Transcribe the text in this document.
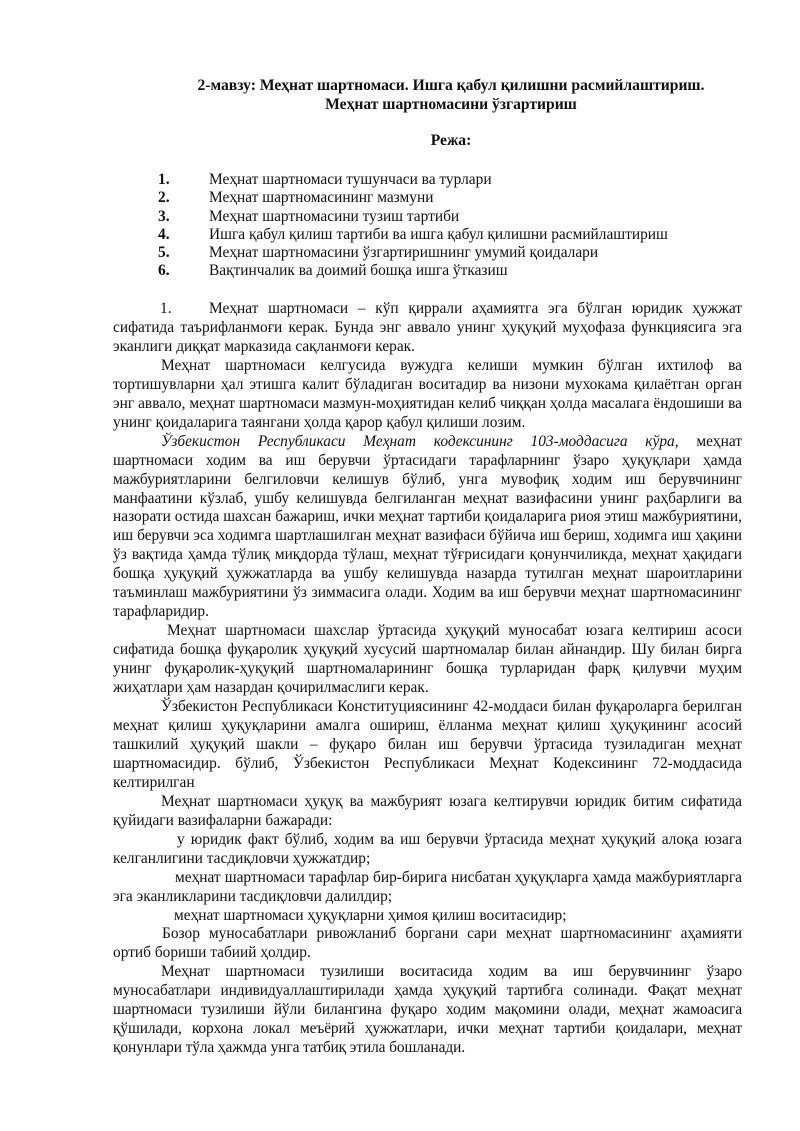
2-мавзу: Меҳнат шартномаси. Ишга қабул қилишни расмийлаштириш.
Меҳнат шартномасини ўзгартириш
Режа:
1.	Меҳнат шартномаси тушунчаси ва турлари
2.	Меҳнат шартномасининг мазмуни
3.	Меҳнат шартномасини тузиш тартиби
4.	Ишга қабул қилиш тартиби ва ишга қабул қилишни расмийлаштириш
5.	Меҳнат шартномасини ўзгартиришнинг умумий қоидалари
6.	Вақтинчалик ва доимий бошқа ишга ўтказиш

1. Меҳнат шартномаси – кўп қиррали аҳамиятга эга бўлган юридик ҳужжат сифатида таърифланмоғи керак. Бунда энг аввало унинг ҳуқуқий муҳофаза функциясига эга эканлиги диққат марказида сақланмоғи керак.

Меҳнат шартномаси келгусида вужудга келиши мумкин бўлган ихтилоф ва тортишувларни ҳал этишга калит бўладиган воситадир ва низони мухокама қилаётган орган энг аввало, меҳнат шартномаси мазмун-моҳиятидан келиб чиққан ҳолда масалага ёндошиши ва унинг қоидаларига таянгани ҳолда қарор қабул қилиши лозим.

Ўзбекистон Республикаси Меҳнат кодексининг 103-моддасига кўра, меҳнат шартномаси ходим ва иш берувчи ўртасидаги тарафларнинг ўзаро ҳуқуқлари ҳамда мажбуриятларини белгиловчи келишув бўлиб, унга мувофиқ ходим иш берувчининг манфаатини кўзлаб, ушбу келишувда белгиланган меҳнат вазифасини унинг раҳбарлиги ва назорати остида шахсан бажариш, ички меҳнат тартиби қоидаларига риоя этиш мажбуриятини, иш берувчи эса ходимга шартлашилган меҳнат вазифаси бўйича иш бериш, ходимга иш ҳақини ўз вақтида ҳамда тўлиқ миқдорда тўлаш, меҳнат тўғрисидаги қонунчиликда, меҳнат ҳақидаги бошқа ҳуқуқий ҳужжатларда ва ушбу келишувда назарда тутилган меҳнат шароитларини таъминлаш мажбуриятини ўз зиммасига олади. Ходим ва иш берувчи меҳнат шартномасининг тарафларидир.

Меҳнат шартномаси шахслар ўртасида ҳуқуқий муносабат юзага келтириш асоси сифатида бошқа фуқаролик ҳуқуқий хусусий шартномалар билан айнандир. Шу билан бирга унинг фуқаролик-ҳуқуқий шартномаларининг бошқа турларидан фарқ қилувчи муҳим жиҳатлари ҳам назардан қочирилмаслиги керак.

Ўзбекистон Республикаси Конституциясининг 42-моддаси билан фуқароларга берилган меҳнат қилиш ҳуқуқларини амалга ошириш, ёлланма меҳнат қилиш ҳуқуқининг асосий ташкилий ҳуқуқий шакли – фуқаро билан иш берувчи ўртасида тузиладиган меҳнат шартномасидир. бўлиб, Ўзбекистон Республикаси Меҳнат Кодексининг 72-моддасида келтирилган

Меҳнат шартномаси ҳуқуқ ва мажбурият юзага келтирувчи юридик битим сифатида қуйидаги вазифаларни бажаради:

у юридик факт бўлиб, ходим ва иш берувчи ўртасида меҳнат ҳуқуқий алоқа юзага келганлигини тасдиқловчи ҳужжатдир;

меҳнат шартномаси тарафлар бир-бирига нисбатан ҳуқуқларга ҳамда мажбуриятларга эга эканликларини тасдиқловчи далилдир;

меҳнат шартномаси ҳуқуқларни ҳимоя қилиш воситасидир;

Бозор муносабатлари ривожланиб боргани сари меҳнат шартномасининг аҳамияти ортиб бориши табиий ҳолдир.

Меҳнат шартномаси тузилиши воситасида ходим ва иш берувчининг ўзаро муносабатлари индивидуаллаштирилади ҳамда ҳуқуқий тартибга солинади. Фақат меҳнат шартномаси тузилиши йўли билангина фуқаро ходим мақомини олади, меҳнат жамоасига қўшилади, корхона локал меъёрий ҳужжатлари, ички меҳнат тартиби қоидалари, меҳнат қонунлари тўла ҳажмда унга татбиқ этила бошланади.
